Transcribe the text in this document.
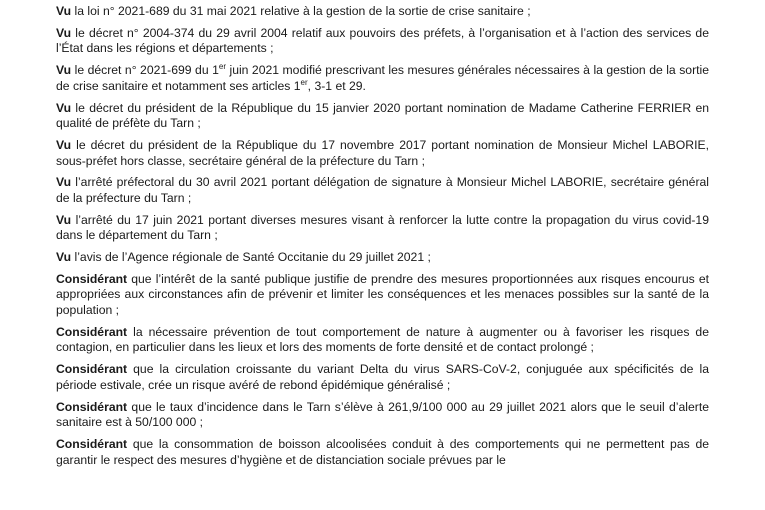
Vu la loi n° 2021-689 du 31 mai 2021 relative à la gestion de la sortie de crise sanitaire ;

Vu le décret n° 2004-374 du 29 avril 2004 relatif aux pouvoirs des préfets, à l’organisation et à l’action des services de l’État dans les régions et départements ;

Vu le décret n° 2021-699 du 1er juin 2021 modifié prescrivant les mesures générales nécessaires à la gestion de la sortie de crise sanitaire et notamment ses articles 1er, 3-1 et 29.

Vu le décret du président de la République du 15 janvier 2020 portant nomination de Madame Catherine FERRIER en qualité de préfète du Tarn ;

Vu le décret du président de la République du 17 novembre 2017 portant nomination de Monsieur Michel LABORIE, sous-préfet hors classe, secrétaire général de la préfecture du Tarn ;

Vu l’arrêté préfectoral du 30 avril 2021 portant délégation de signature à Monsieur Michel LABORIE, secrétaire général de la préfecture du Tarn ;

Vu l’arrêté du 17 juin 2021 portant diverses mesures visant à renforcer la lutte contre la propagation du virus covid-19 dans le département du Tarn ;

Vu l’avis de l’Agence régionale de Santé Occitanie du 29 juillet 2021 ;

Considérant que l’intérêt de la santé publique justifie de prendre des mesures proportionnées aux risques encourus et appropriées aux circonstances afin de prévenir et limiter les conséquences et les menaces possibles sur la santé de la population ;

Considérant la nécessaire prévention de tout comportement de nature à augmenter ou à favoriser les risques de contagion, en particulier dans les lieux et lors des moments de forte densité et de contact prolongé ;

Considérant que la circulation croissante du variant Delta du virus SARS-CoV-2, conjuguée aux spécificités de la période estivale, crée un risque avéré de rebond épidémique généralisé ;

Considérant que le taux d’incidence dans le Tarn s’élève à 261,9/100 000 au 29 juillet 2021 alors que le seuil d’alerte sanitaire est à 50/100 000 ;

Considérant que la consommation de boisson alcoolisées conduit à des comportements qui ne permettent pas de garantir le respect des mesures d’hygiène et de distanciation sociale prévues par le
